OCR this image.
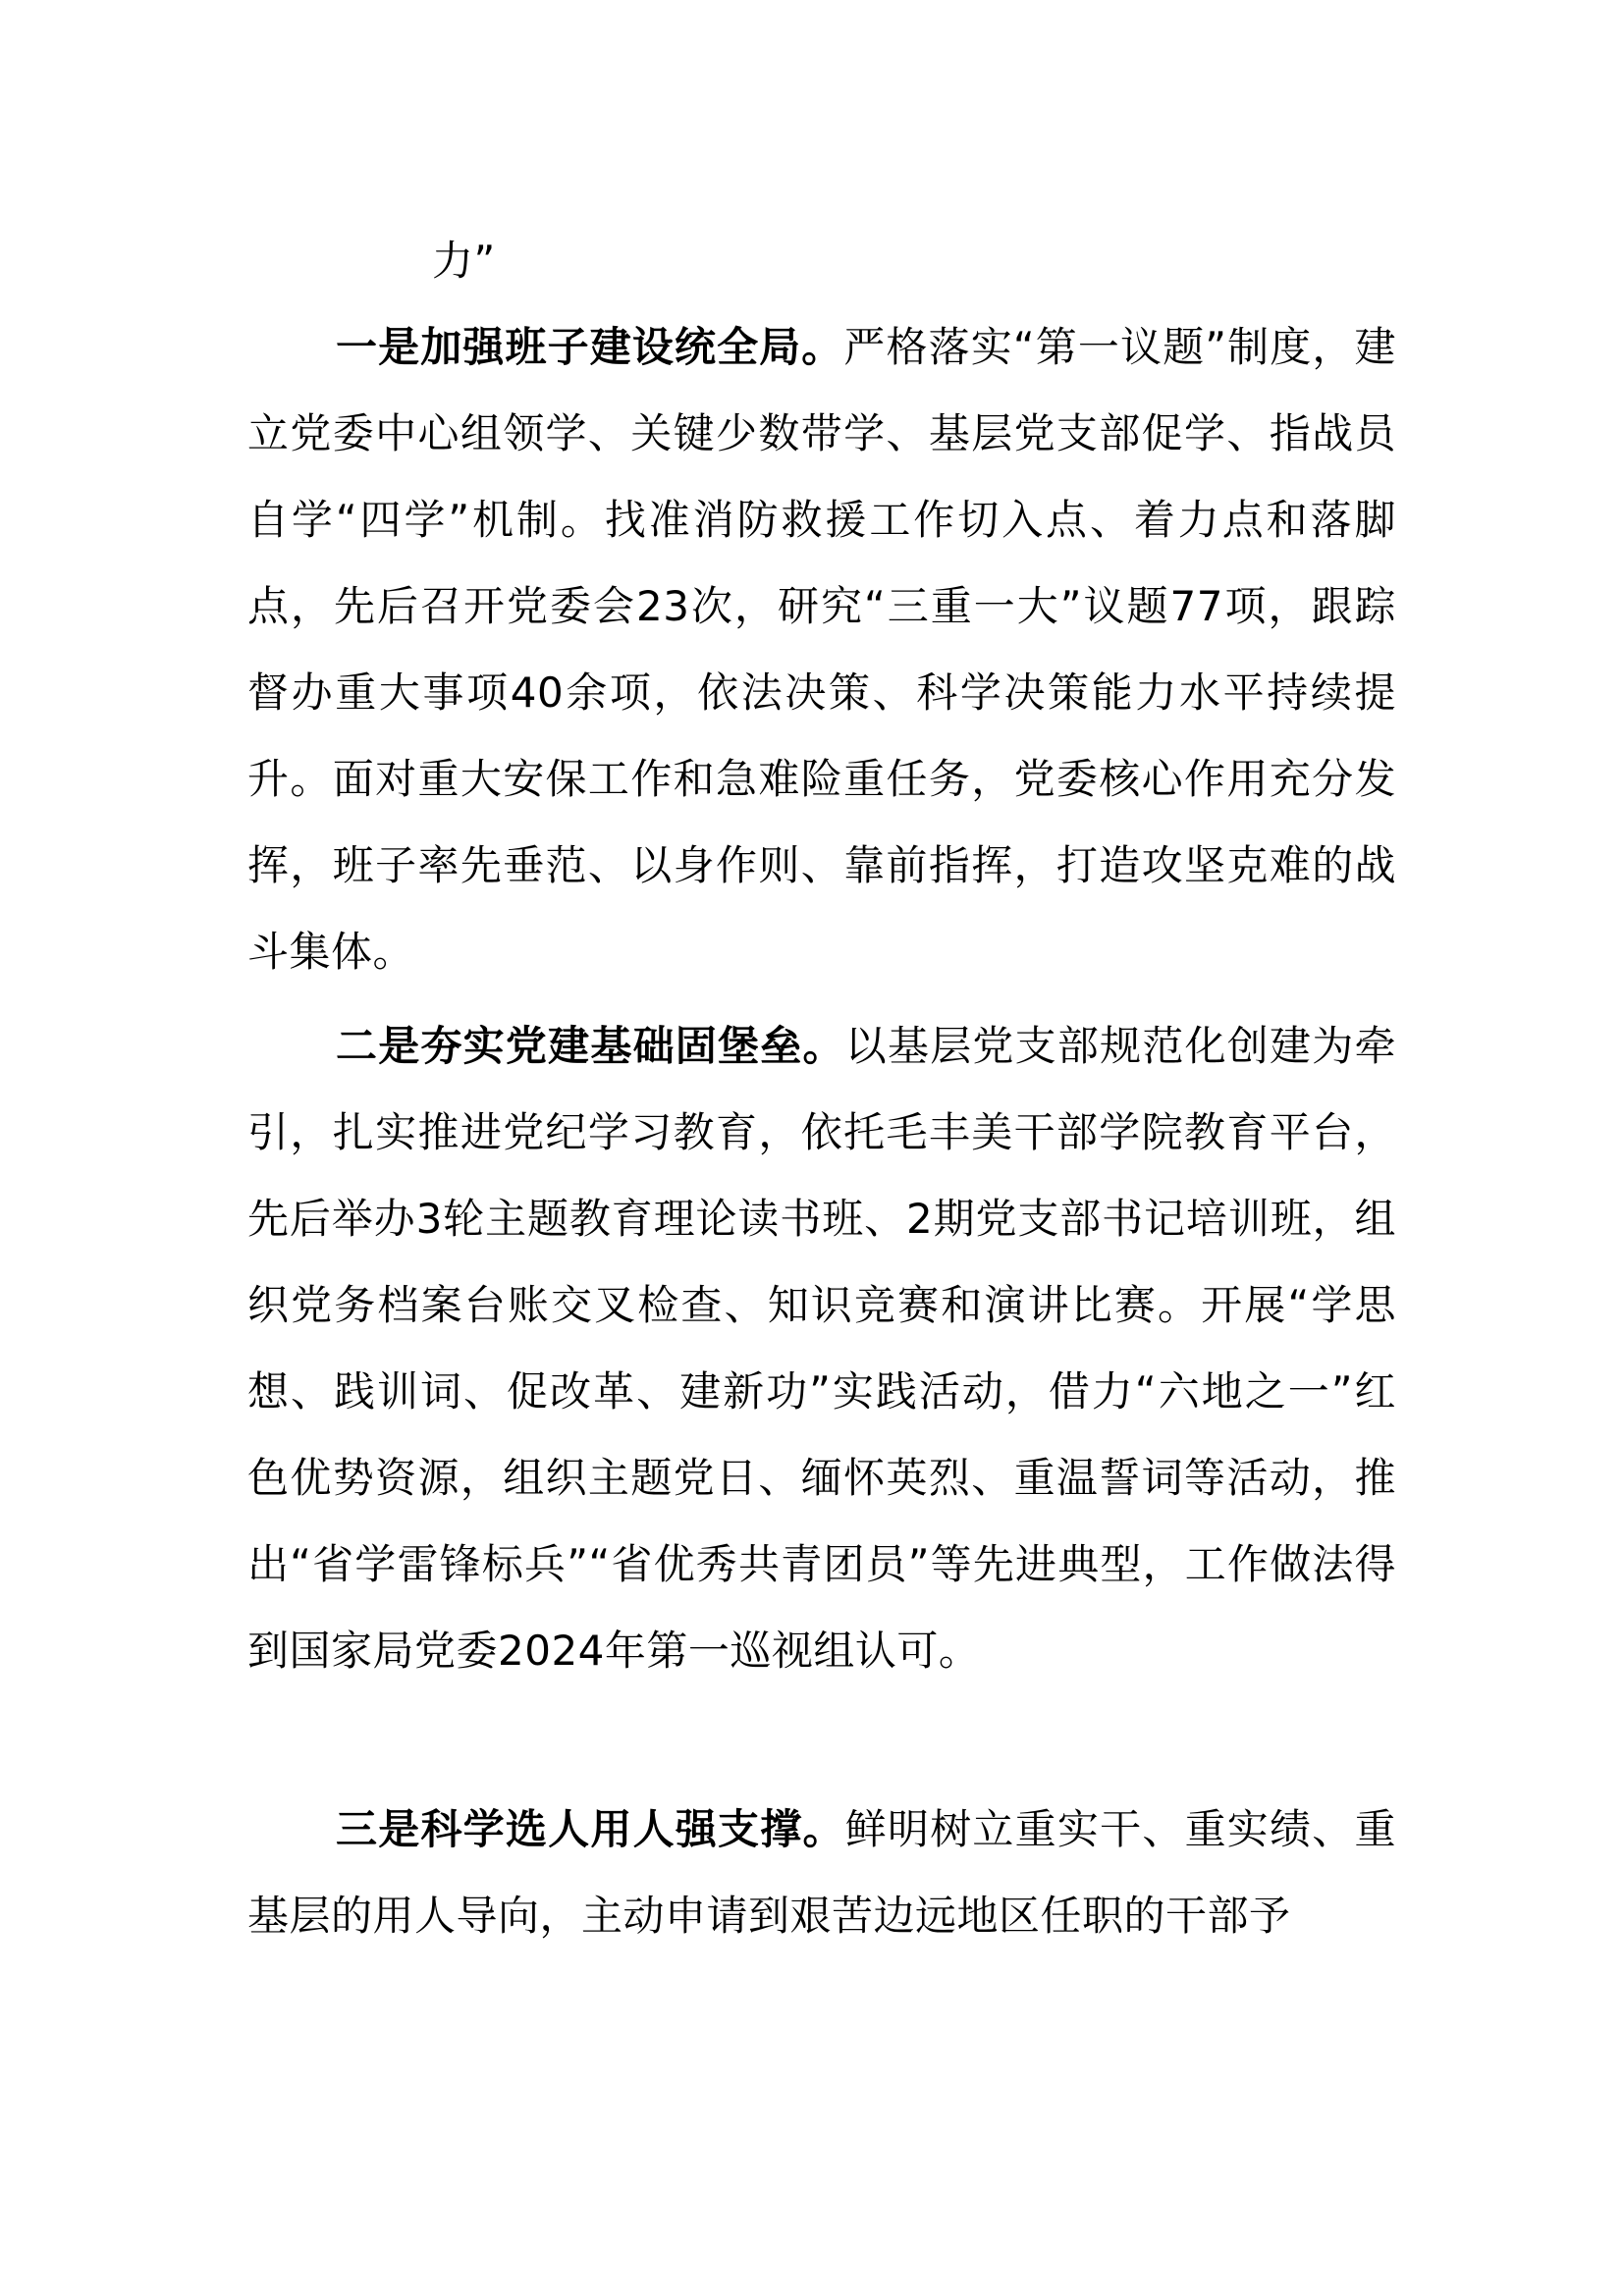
力”

一是加强班子建设统全局。严格落实“第一议题”制度，建立党委中心组领学、关键少数带学、基层党支部促学、指战员自学“四学”机制。找准消防救援工作切入点、着力点和落脚点，先后召开党委会23次，研究“三重一大”议题77项，跟踪督办重大事项40余项，依法决策、科学决策能力水平持续提升。面对重大安保工作和急难险重任务，党委核心作用充分发挥，班子率先垂范、以身作则、靠前指挥，打造攻坚克难的战斗集体。

二是夯实党建基础固堡垒。以基层党支部规范化创建为牵引，扎实推进党纪学习教育，依托毛丰美干部学院教育平台，先后举办3轮主题教育理论读书班、2期党支部书记培训班，组织党务档案台账交叉检查、知识竞赛和演讲比赛。开展“学思想、践训词、促改革、建新功”实践活动，借力“六地之一”红色优势资源，组织主题党日、缅怀英烈、重温誓词等活动，推出“省学雷锋标兵”“省优秀共青团员”等先进典型，工作做法得到国家局党委2024年第一巡视组认可。

三是科学选人用人强支撑。鲜明树立重实干、重实绩、重基层的用人导向，主动申请到艰苦边远地区任职的干部予
